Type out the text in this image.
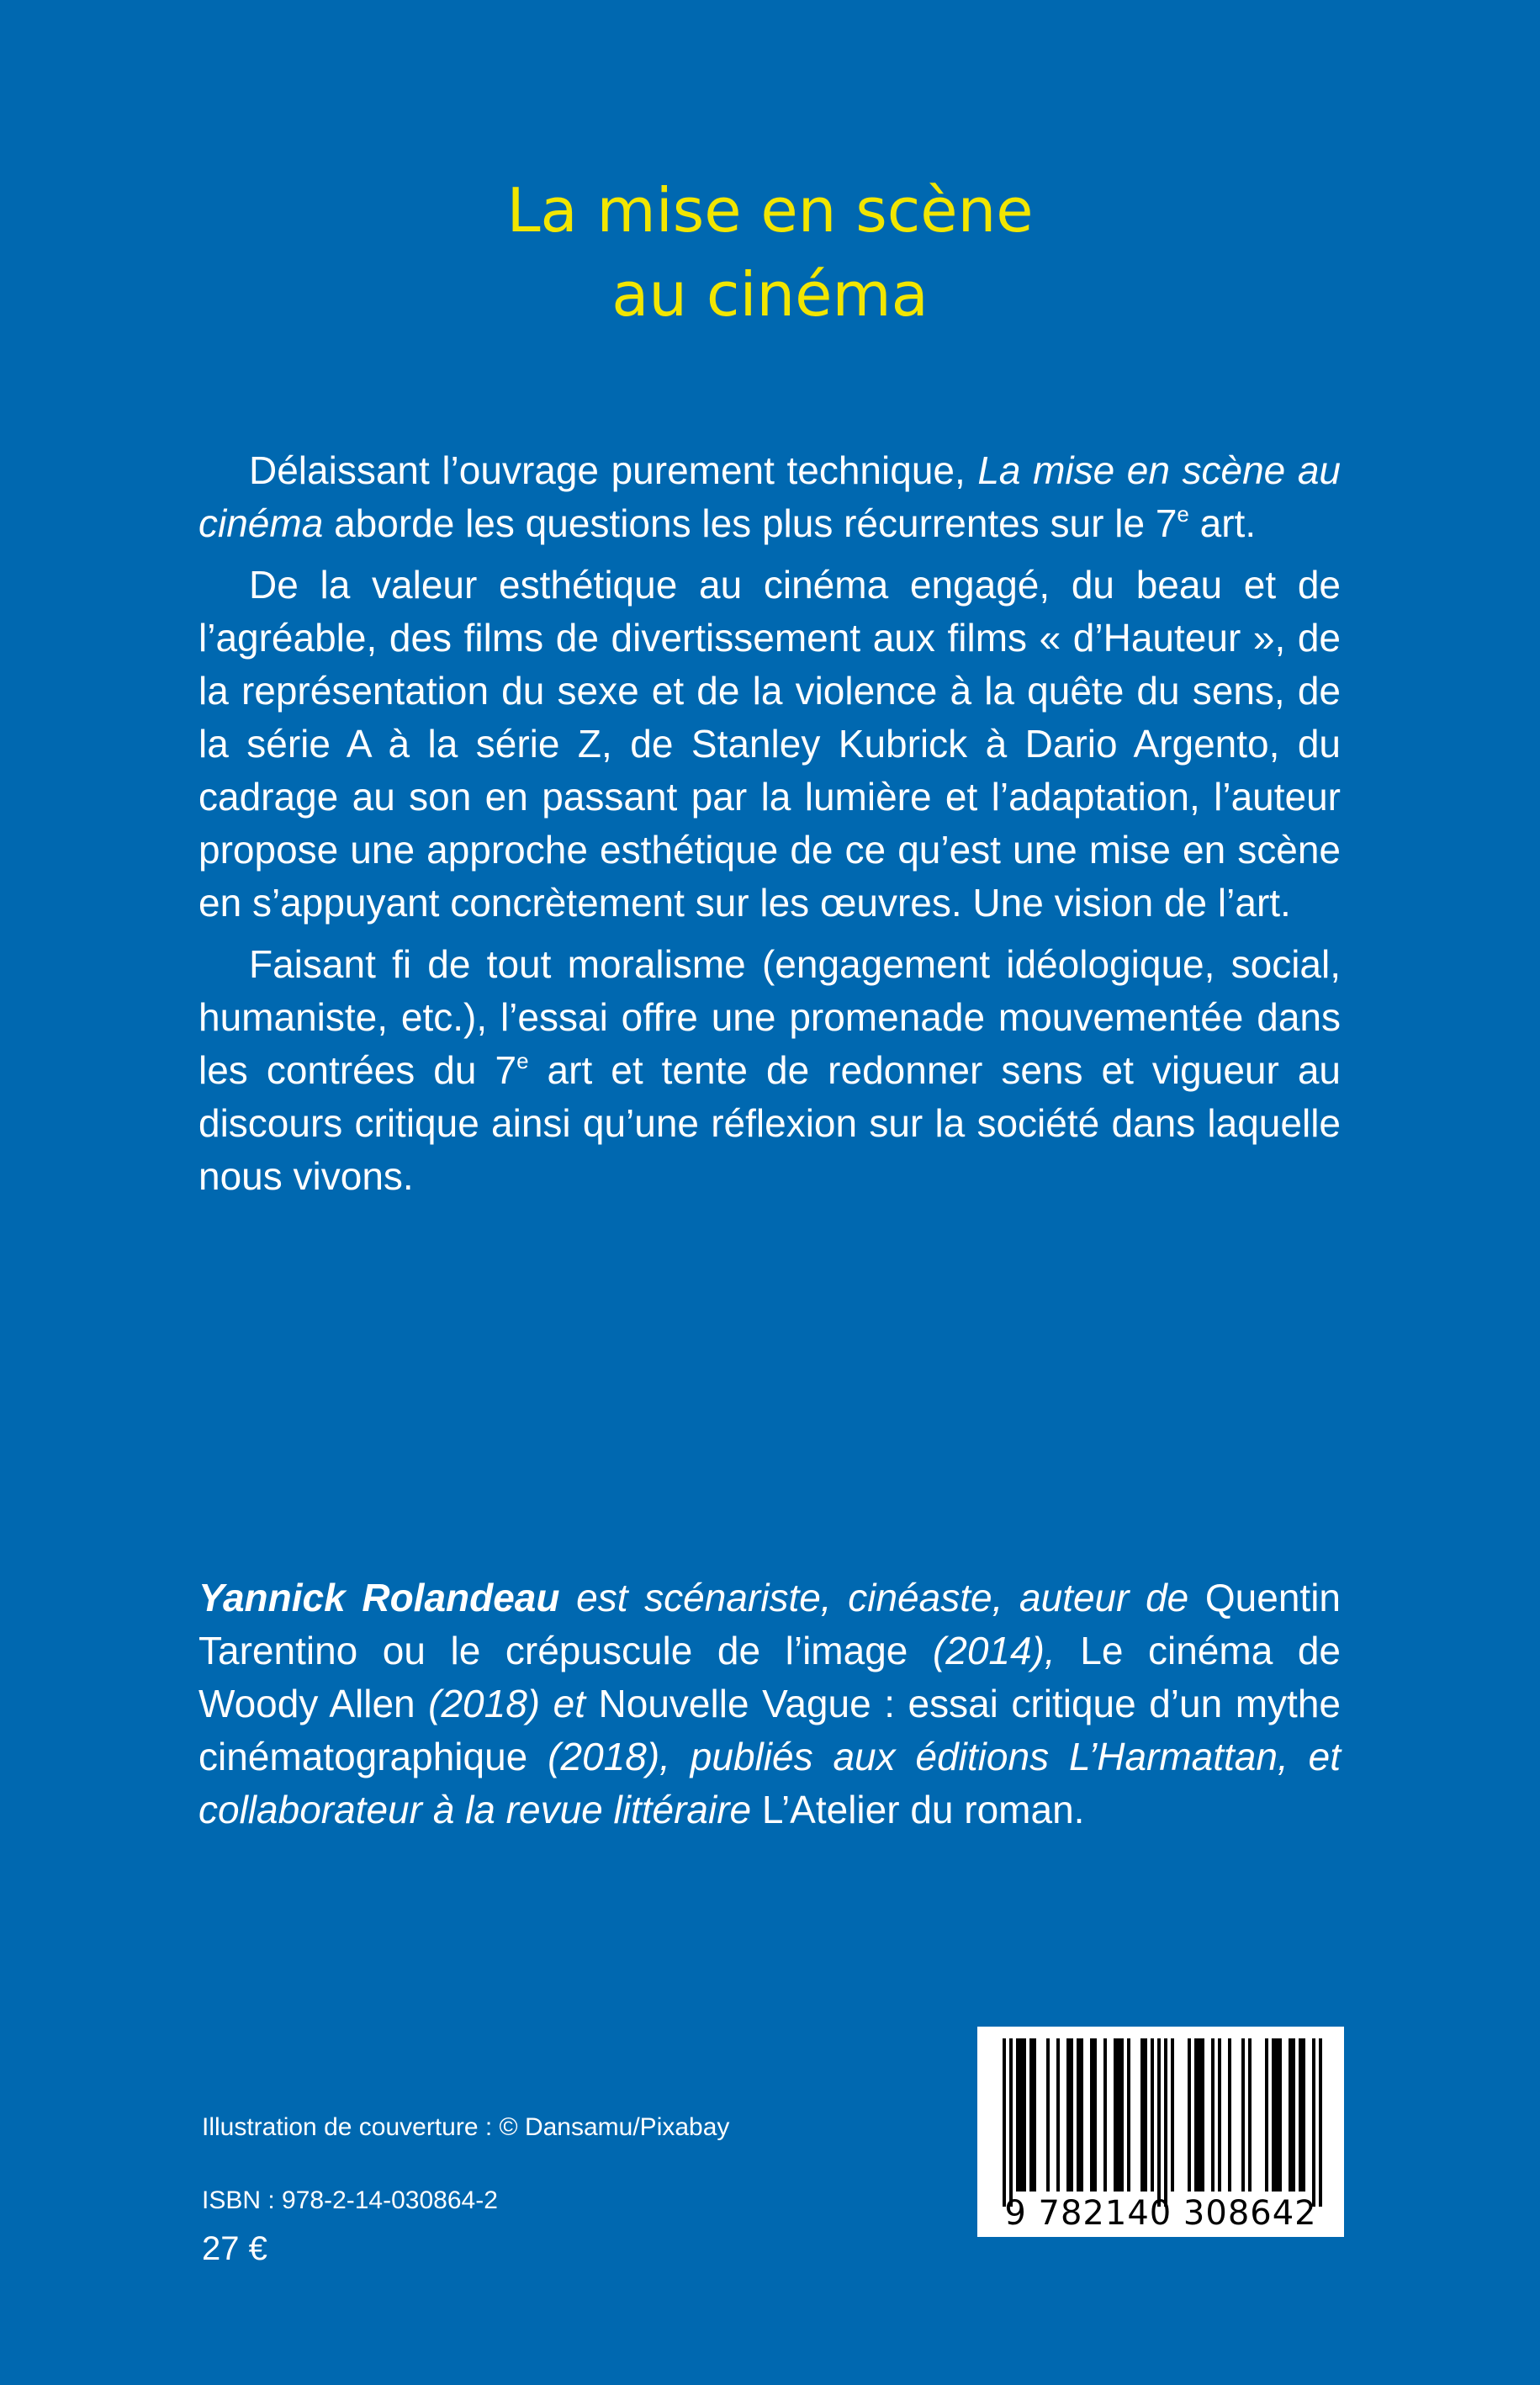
La mise en scène
au cinéma

Délaissant l’ouvrage purement technique, La mise en scène au cinéma aborde les questions les plus récurrentes sur le 7e art.

De la valeur esthétique au cinéma engagé, du beau et de l’agréable, des films de divertissement aux films « d’Hauteur », de la représentation du sexe et de la violence à la quête du sens, de la série A à la série Z, de Stanley Kubrick à Dario Argento, du cadrage au son en passant par la lumière et l’adaptation, l’auteur propose une approche esthétique de ce qu’est une mise en scène en s’appuyant concrètement sur les œuvres. Une vision de l’art.

Faisant fi de tout moralisme (engagement idéologique, social, humaniste, etc.), l’essai offre une promenade mouvementée dans les contrées du 7e art et tente de redonner sens et vigueur au discours critique ainsi qu’une réflexion sur la société dans laquelle nous vivons.

Yannick Rolandeau est scénariste, cinéaste, auteur de Quentin Tarentino ou le crépuscule de l’image (2014), Le cinéma de Woody Allen (2018) et Nouvelle Vague : essai critique d’un mythe cinématographique (2018), publiés aux éditions L’Harmattan, et collaborateur à la revue littéraire L’Atelier du roman.

Illustration de couverture : © Dansamu/Pixabay
ISBN : 978-2-14-030864-2
27 €
9 782140 308642
